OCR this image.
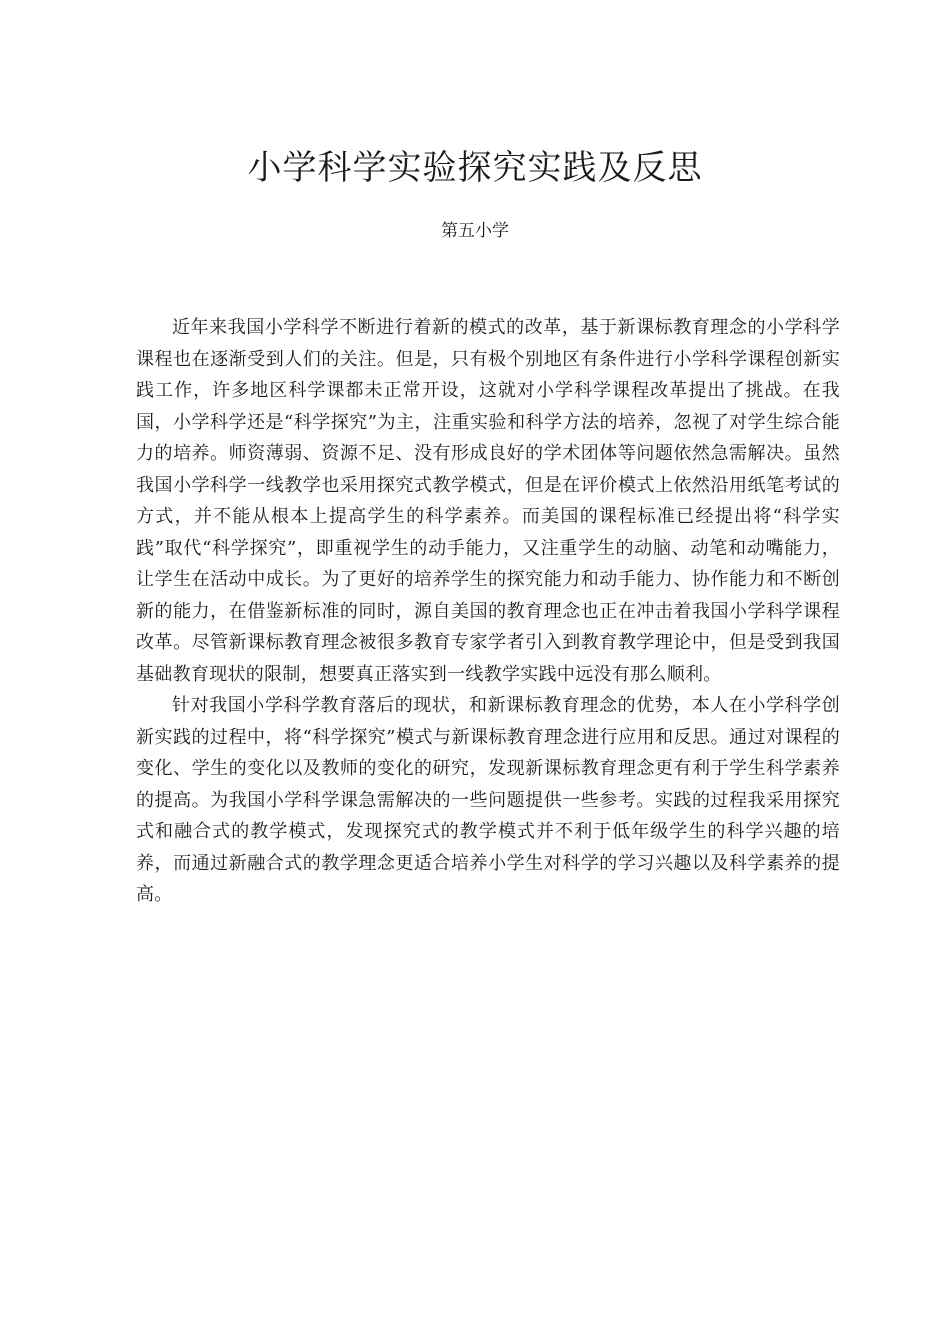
小学科学实验探究实践及反思
第五小学

近年来我国小学科学不断进行着新的模式的改革，基于新课标教育理念的小学科学课程也在逐渐受到人们的关注。但是，只有极个别地区有条件进行小学科学课程创新实践工作，许多地区科学课都未正常开设，这就对小学科学课程改革提出了挑战。在我国，小学科学还是“科学探究”为主，注重实验和科学方法的培养，忽视了对学生综合能力的培养。师资薄弱、资源不足、没有形成良好的学术团体等问题依然急需解决。虽然我国小学科学一线教学也采用探究式教学模式，但是在评价模式上依然沿用纸笔考试的方式，并不能从根本上提高学生的科学素养。而美国的课程标准已经提出将“科学实践”取代“科学探究”，即重视学生的动手能力，又注重学生的动脑、动笔和动嘴能力，让学生在活动中成长。为了更好的培养学生的探究能力和动手能力、协作能力和不断创新的能力，在借鉴新标准的同时，源自美国的教育理念也正在冲击着我国小学科学课程改革。尽管新课标教育理念被很多教育专家学者引入到教育教学理论中，但是受到我国基础教育现状的限制，想要真正落实到一线教学实践中远没有那么顺利。

针对我国小学科学教育落后的现状，和新课标教育理念的优势，本人在小学科学创新实践的过程中，将“科学探究”模式与新课标教育理念进行应用和反思。通过对课程的变化、学生的变化以及教师的变化的研究，发现新课标教育理念更有利于学生科学素养的提高。为我国小学科学课急需解决的一些问题提供一些参考。实践的过程我采用探究式和融合式的教学模式，发现探究式的教学模式并不利于低年级学生的科学兴趣的培养，而通过新融合式的教学理念更适合培养小学生对科学的学习兴趣以及科学素养的提高。
